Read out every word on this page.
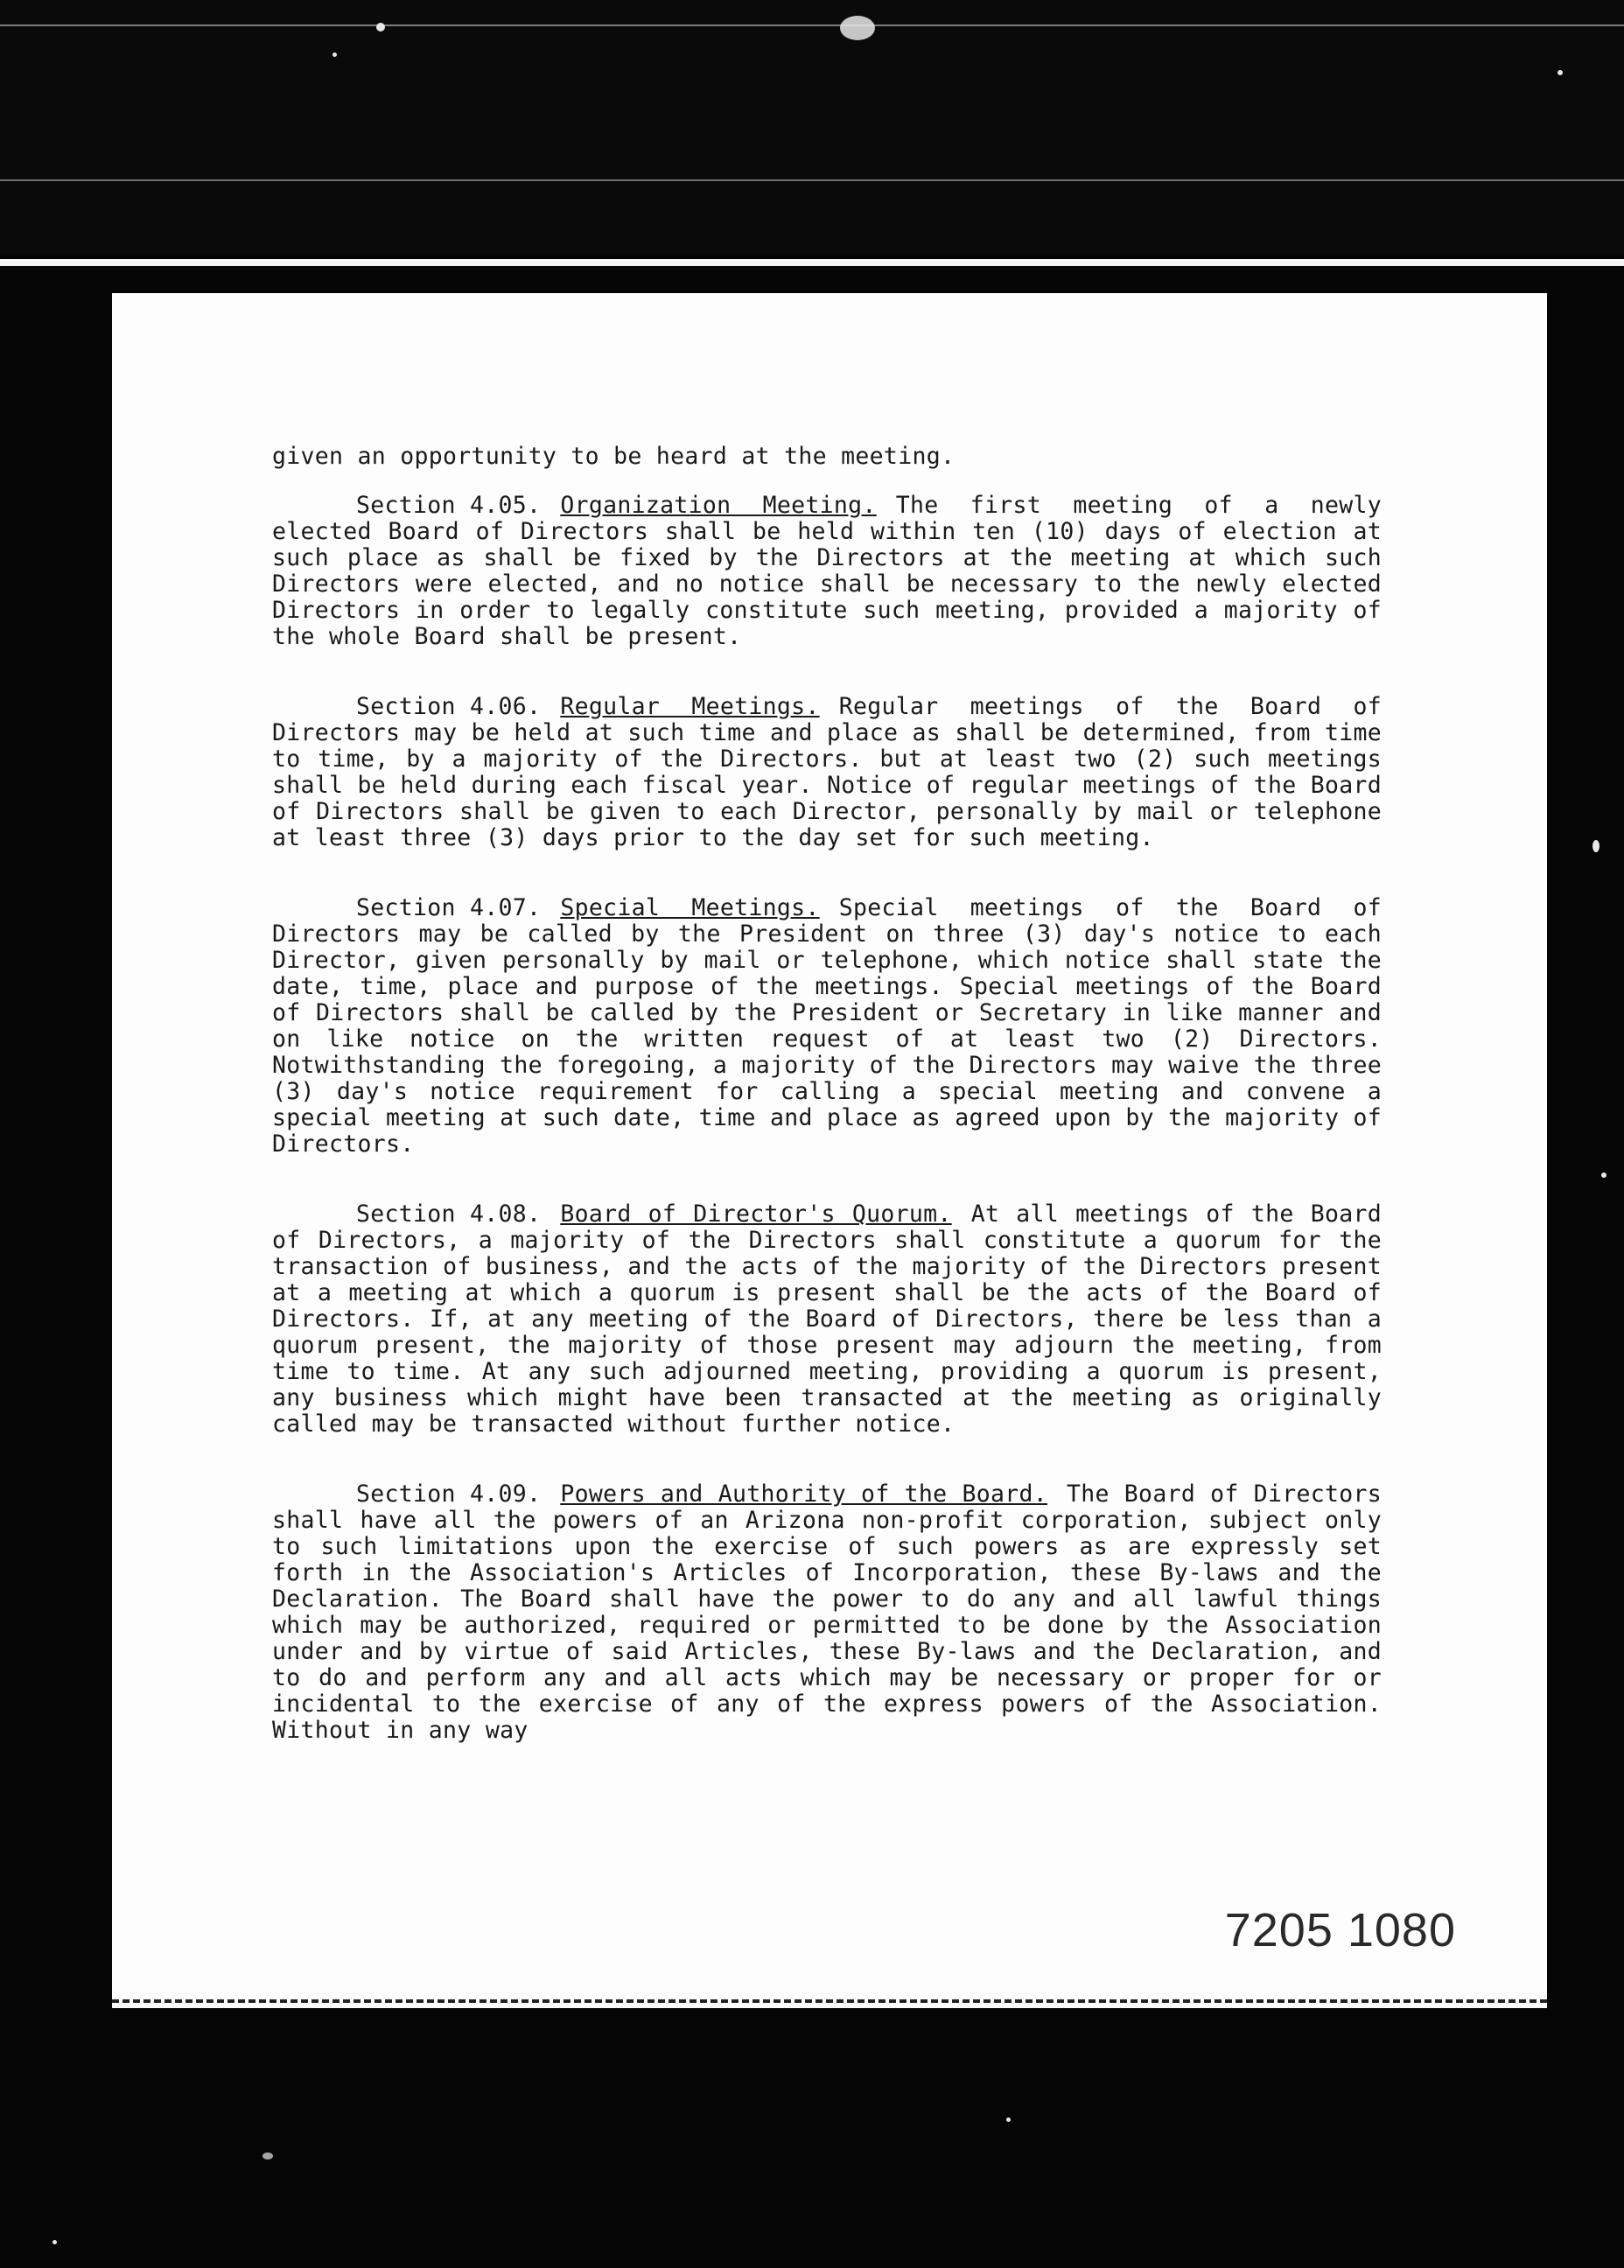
given an opportunity to be heard at the meeting.

Section 4.05. Organization Meeting. The first meeting of a newly elected Board of Directors shall be held within ten (10) days of election at such place as shall be fixed by the Directors at the meeting at which such Directors were elected, and no notice shall be necessary to the newly elected Directors in order to legally constitute such meeting, provided a majority of the whole Board shall be present.

Section 4.06. Regular Meetings. Regular meetings of the Board of Directors may be held at such time and place as shall be determined, from time to time, by a majority of the Directors. but at least two (2) such meetings shall be held during each fiscal year. Notice of regular meetings of the Board of Directors shall be given to each Director, personally by mail or telephone at least three (3) days prior to the day set for such meeting.

Section 4.07. Special Meetings. Special meetings of the Board of Directors may be called by the President on three (3) day's notice to each Director, given personally by mail or telephone, which notice shall state the date, time, place and purpose of the meetings. Special meetings of the Board of Directors shall be called by the President or Secretary in like manner and on like notice on the written request of at least two (2) Directors. Notwithstanding the foregoing, a majority of the Directors may waive the three (3) day's notice requirement for calling a special meeting and convene a special meeting at such date, time and place as agreed upon by the majority of Directors.

Section 4.08. Board of Director's Quorum. At all meetings of the Board of Directors, a majority of the Directors shall constitute a quorum for the transaction of business, and the acts of the majority of the Directors present at a meeting at which a quorum is present shall be the acts of the Board of Directors. If, at any meeting of the Board of Directors, there be less than a quorum present, the majority of those present may adjourn the meeting, from time to time. At any such adjourned meeting, providing a quorum is present, any business which might have been transacted at the meeting as originally called may be transacted without further notice.

Section 4.09. Powers and Authority of the Board. The Board of Directors shall have all the powers of an Arizona non-profit corporation, subject only to such limitations upon the exercise of such powers as are expressly set forth in the Association's Articles of Incorporation, these By-laws and the Declaration. The Board shall have the power to do any and all lawful things which may be authorized, required or permitted to be done by the Association under and by virtue of said Articles, these By-laws and the Declaration, and to do and perform any and all acts which may be necessary or proper for or incidental to the exercise of any of the express powers of the Association. Without in any way

7205 1080
